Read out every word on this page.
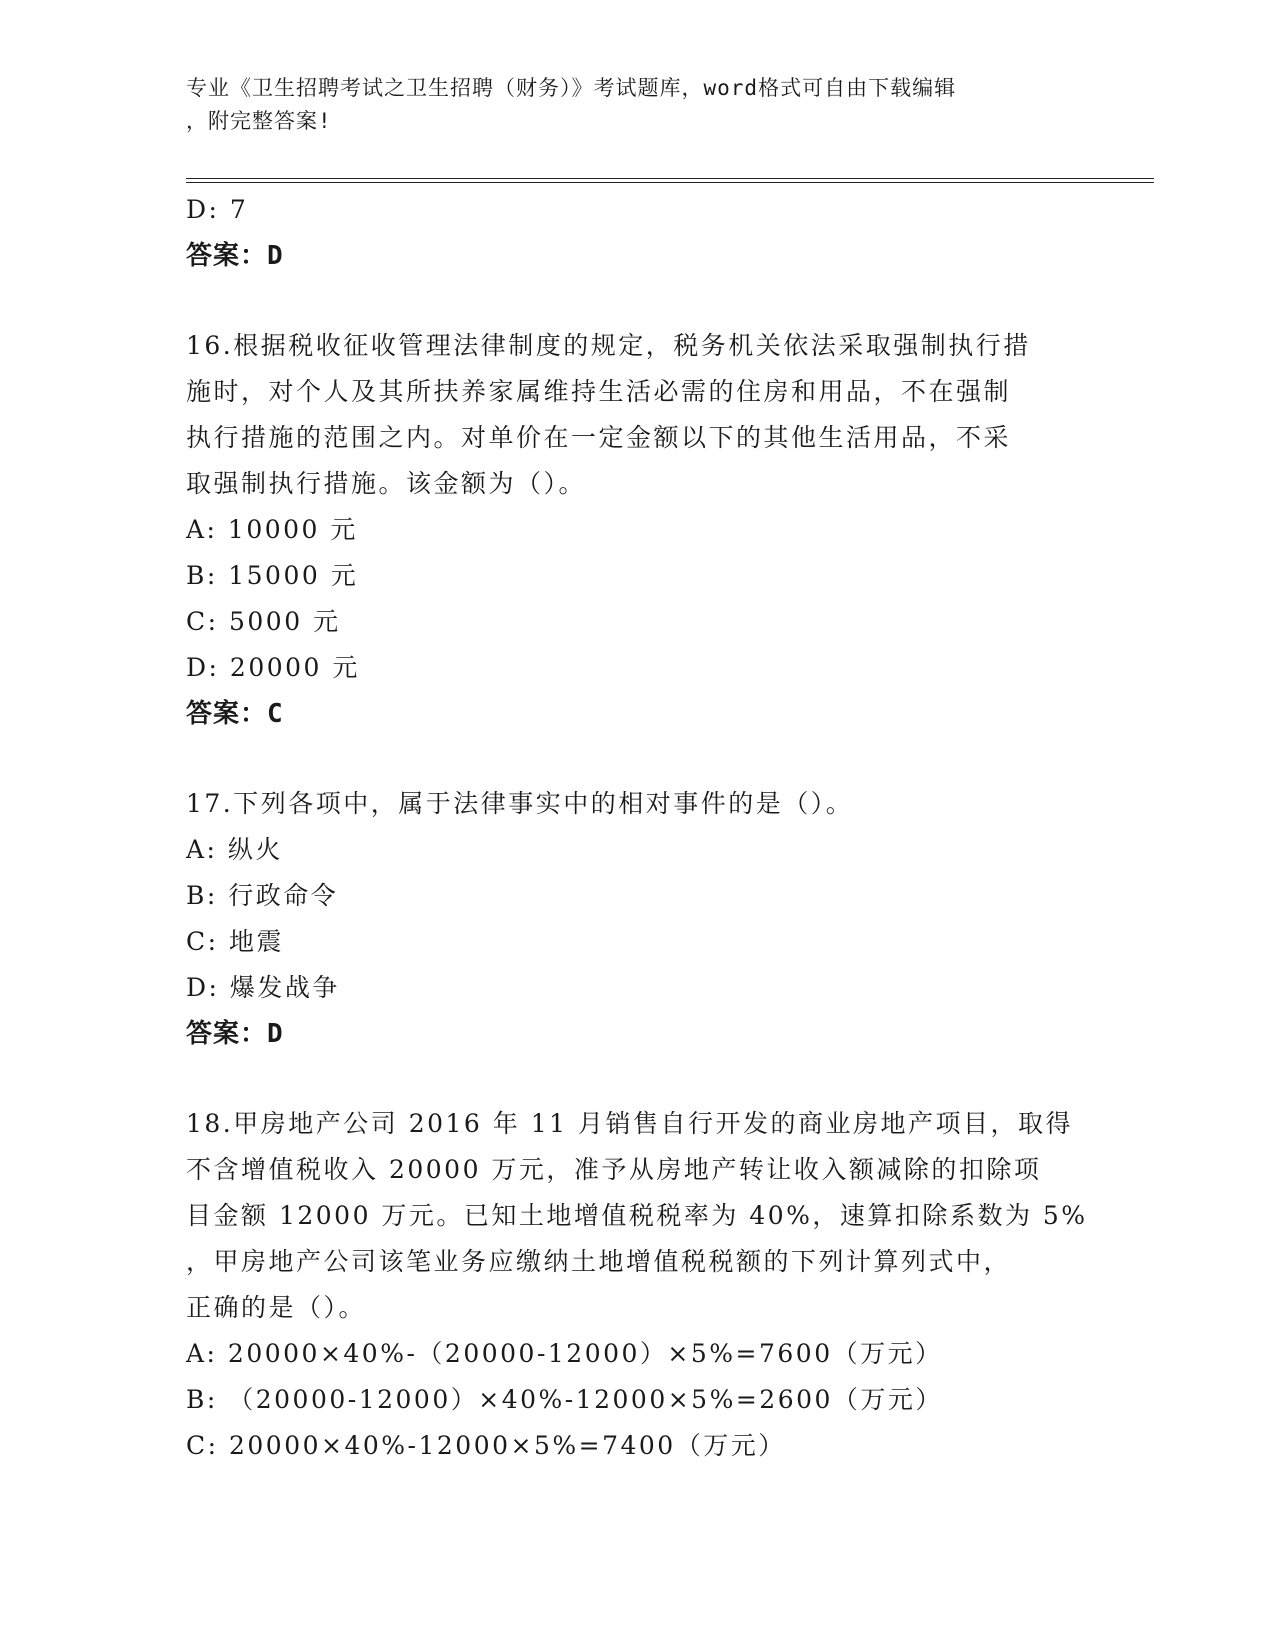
专业《卫生招聘考试之卫生招聘（财务）》考试题库，word格式可自由下载编辑
，附完整答案!

D: 7

答案：D

16.根据税收征收管理法律制度的规定，税务机关依法采取强制执行措

施时，对个人及其所扶养家属维持生活必需的住房和用品，不在强制

执行措施的范围之内。对单价在一定金额以下的其他生活用品，不采

取强制执行措施。该金额为（）。

A: 10000 元

B: 15000 元

C: 5000 元

D: 20000 元

答案：C

17.下列各项中，属于法律事实中的相对事件的是（）。

A: 纵火

B: 行政命令

C: 地震

D: 爆发战争

答案：D

18.甲房地产公司 2016 年 11 月销售自行开发的商业房地产项目，取得

不含增值税收入 20000 万元，准予从房地产转让收入额减除的扣除项

目金额 12000 万元。已知土地增值税税率为 40%，速算扣除系数为 5%

，甲房地产公司该笔业务应缴纳土地增值税税额的下列计算列式中，

正确的是（）。

A: 20000×40%-（20000-12000）×5%=7600（万元）

B: （20000-12000）×40%-12000×5%=2600（万元）

C: 20000×40%-12000×5%=7400（万元）
